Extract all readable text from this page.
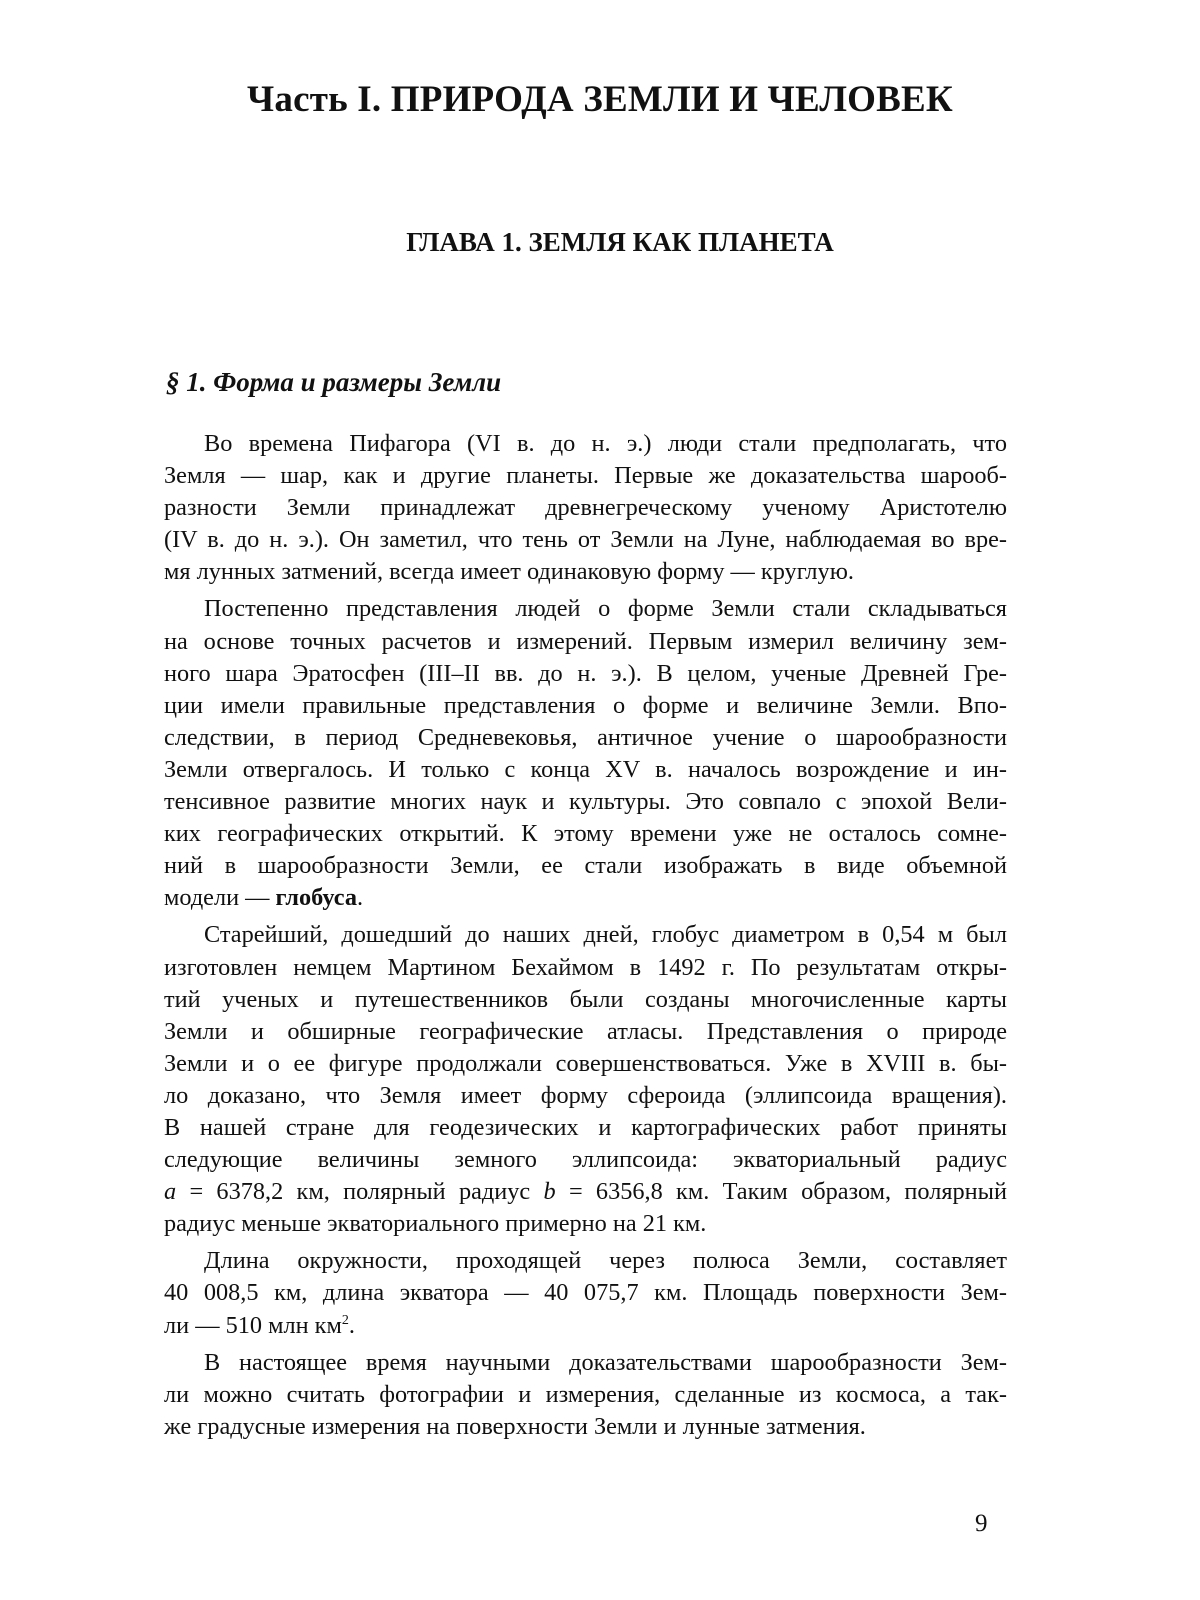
Часть I. ПРИРОДА ЗЕМЛИ И ЧЕЛОВЕК
ГЛАВА 1. ЗЕМЛЯ КАК ПЛАНЕТА
§ 1. Форма и размеры Земли
Во времена Пифагора (VI в. до н. э.) люди стали предполагать, что
Земля — шар, как и другие планеты. Первые же доказательства шарооб-
разности Земли принадлежат древнегреческому ученому Аристотелю
(IV в. до н. э.). Он заметил, что тень от Земли на Луне, наблюдаемая во вре-
мя лунных затмений, всегда имеет одинаковую форму — круглую.
Постепенно представления людей о форме Земли стали складываться
на основе точных расчетов и измерений. Первым измерил величину зем-
ного шара Эратосфен (III–II вв. до н. э.). В целом, ученые Древней Гре-
ции имели правильные представления о форме и величине Земли. Впо-
следствии, в период Средневековья, античное учение о шарообразности
Земли отвергалось. И только с конца XV в. началось возрождение и ин-
тенсивное развитие многих наук и культуры. Это совпало с эпохой Вели-
ких географических открытий. К этому времени уже не осталось сомне-
ний в шарообразности Земли, ее стали изображать в виде объемной
модели — глобуса.
Старейший, дошедший до наших дней, глобус диаметром в 0,54 м был
изготовлен немцем Мартином Бехаймом в 1492 г. По результатам откры-
тий ученых и путешественников были созданы многочисленные карты
Земли и обширные географические атласы. Представления о природе
Земли и о ее фигуре продолжали совершенствоваться. Уже в XVIII в. бы-
ло доказано, что Земля имеет форму сфероида (эллипсоида вращения).
В нашей стране для геодезических и картографических работ приняты
следующие величины земного эллипсоида: экваториальный радиус
a = 6378,2 км, полярный радиус b = 6356,8 км. Таким образом, полярный
радиус меньше экваториального примерно на 21 км.
Длина окружности, проходящей через полюса Земли, составляет
40 008,5 км, длина экватора — 40 075,7 км. Площадь поверхности Зем-
ли — 510 млн $км^2$.
В настоящее время научными доказательствами шарообразности Зем-
ли можно считать фотографии и измерения, сделанные из космоса, а так-
же градусные измерения на поверхности Земли и лунные затмения.
9
